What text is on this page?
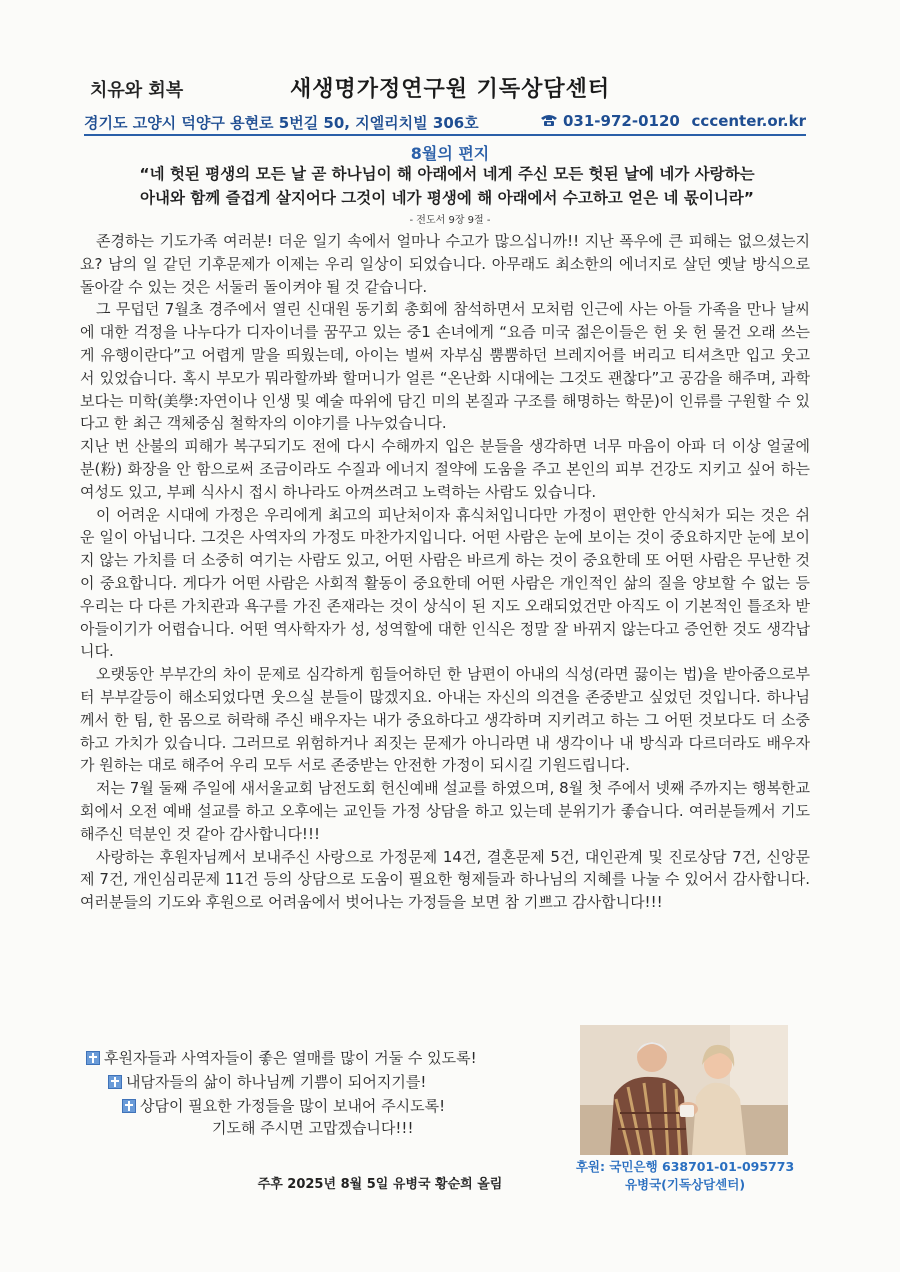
치유와 회복	새생명가정연구원 기독상담센터
경기도 고양시 덕양구 용현로 5번길 50, 지엘리치빌 306호	031-972-0120 cccenter.or.kr
8월의 편지
“네 헛된 평생의 모든 날 곧 하나님이 해 아래에서 네게 주신 모든 헛된 날에 네가 사랑하는
아내와 함께 즐겁게 살지어다 그것이 네가 평생에 해 아래에서 수고하고 얻은 네 몫이니라”
- 전도서 9장 9절 -

존경하는 기도가족 여러분! 더운 일기 속에서 얼마나 수고가 많으십니까!! 지난 폭우에 큰 피해는 없으셨는지요? 남의 일 같던 기후문제가 이제는 우리 일상이 되었습니다. 아무래도 최소한의 에너지로 살던 옛날 방식으로 돌아갈 수 있는 것은 서둘러 돌이켜야 될 것 같습니다.

그 무덥던 7월초 경주에서 열린 신대원 동기회 총회에 참석하면서 모처럼 인근에 사는 아들 가족을 만나 날씨에 대한 걱정을 나누다가 디자이너를 꿈꾸고 있는 중1 손녀에게 “요즘 미국 젊은이들은 헌 옷 헌 물건 오래 쓰는 게 유행이란다”고 어렵게 말을 띄웠는데, 아이는 벌써 자부심 뿜뿜하던 브레지어를 버리고 티셔츠만 입고 웃고 서 있었습니다. 혹시 부모가 뭐라할까봐 할머니가 얼른 “온난화 시대에는 그것도 괜찮다”고 공감을 해주며, 과학보다는 미학(美學:자연이나 인생 및 예술 따위에 담긴 미의 본질과 구조를 해명하는 학문)이 인류를 구원할 수 있다고 한 최근 객체중심 철학자의 이야기를 나누었습니다.

지난 번 산불의 피해가 복구되기도 전에 다시 수해까지 입은 분들을 생각하면 너무 마음이 아파 더 이상 얼굴에 분(粉) 화장을 안 함으로써 조금이라도 수질과 에너지 절약에 도움을 주고 본인의 피부 건강도 지키고 싶어 하는 여성도 있고, 부페 식사시 접시 하나라도 아껴쓰려고 노력하는 사람도 있습니다.

이 어려운 시대에 가정은 우리에게 최고의 피난처이자 휴식처입니다만 가정이 편안한 안식처가 되는 것은 쉬운 일이 아닙니다. 그것은 사역자의 가정도 마찬가지입니다. 어떤 사람은 눈에 보이는 것이 중요하지만 눈에 보이지 않는 가치를 더 소중히 여기는 사람도 있고, 어떤 사람은 바르게 하는 것이 중요한데 또 어떤 사람은 무난한 것이 중요합니다. 게다가 어떤 사람은 사회적 활동이 중요한데 어떤 사람은 개인적인 삶의 질을 양보할 수 없는 등 우리는 다 다른 가치관과 욕구를 가진 존재라는 것이 상식이 된 지도 오래되었건만 아직도 이 기본적인 틀조차 받아들이기가 어렵습니다. 어떤 역사학자가 성, 성역할에 대한 인식은 정말 잘 바뀌지 않는다고 증언한 것도 생각납니다.

오랫동안 부부간의 차이 문제로 심각하게 힘들어하던 한 남편이 아내의 식성(라면 끓이는 법)을 받아줌으로부터 부부갈등이 해소되었다면 웃으실 분들이 많겠지요. 아내는 자신의 의견을 존중받고 싶었던 것입니다. 하나님께서 한 팀, 한 몸으로 허락해 주신 배우자는 내가 중요하다고 생각하며 지키려고 하는 그 어떤 것보다도 더 소중하고 가치가 있습니다. 그러므로 위험하거나 죄짓는 문제가 아니라면 내 생각이나 내 방식과 다르더라도 배우자가 원하는 대로 해주어 우리 모두 서로 존중받는 안전한 가정이 되시길 기원드립니다.

저는 7월 둘째 주일에 새서울교회 남전도회 헌신예배 설교를 하였으며, 8월 첫 주에서 넷째 주까지는 행복한교회에서 오전 예배 설교를 하고 오후에는 교인들 가정 상담을 하고 있는데 분위기가 좋습니다. 여러분들께서 기도해주신 덕분인 것 같아 감사합니다!!!

사랑하는 후원자님께서 보내주신 사랑으로 가정문제 14건, 결혼문제 5건, 대인관계 및 진로상담 7건, 신앙문제 7건, 개인심리문제 11건 등의 상담으로 도움이 필요한 형제들과 하나님의 지혜를 나눌 수 있어서 감사합니다. 여러분들의 기도와 후원으로 어려움에서 벗어나는 가정들을 보면 참 기쁘고 감사합니다!!!

후원자들과 사역자들이 좋은 열매를 많이 거둘 수 있도록!
내담자들의 삶이 하나님께 기쁨이 되어지기를!
상담이 필요한 가정들을 많이 보내어 주시도록!
기도해 주시면 고맙겠습니다!!!
주후 2025년 8월 5일 유병국 황순희 올림
후원: 국민은행 638701-01-095773
유병국(기독상담센터)
